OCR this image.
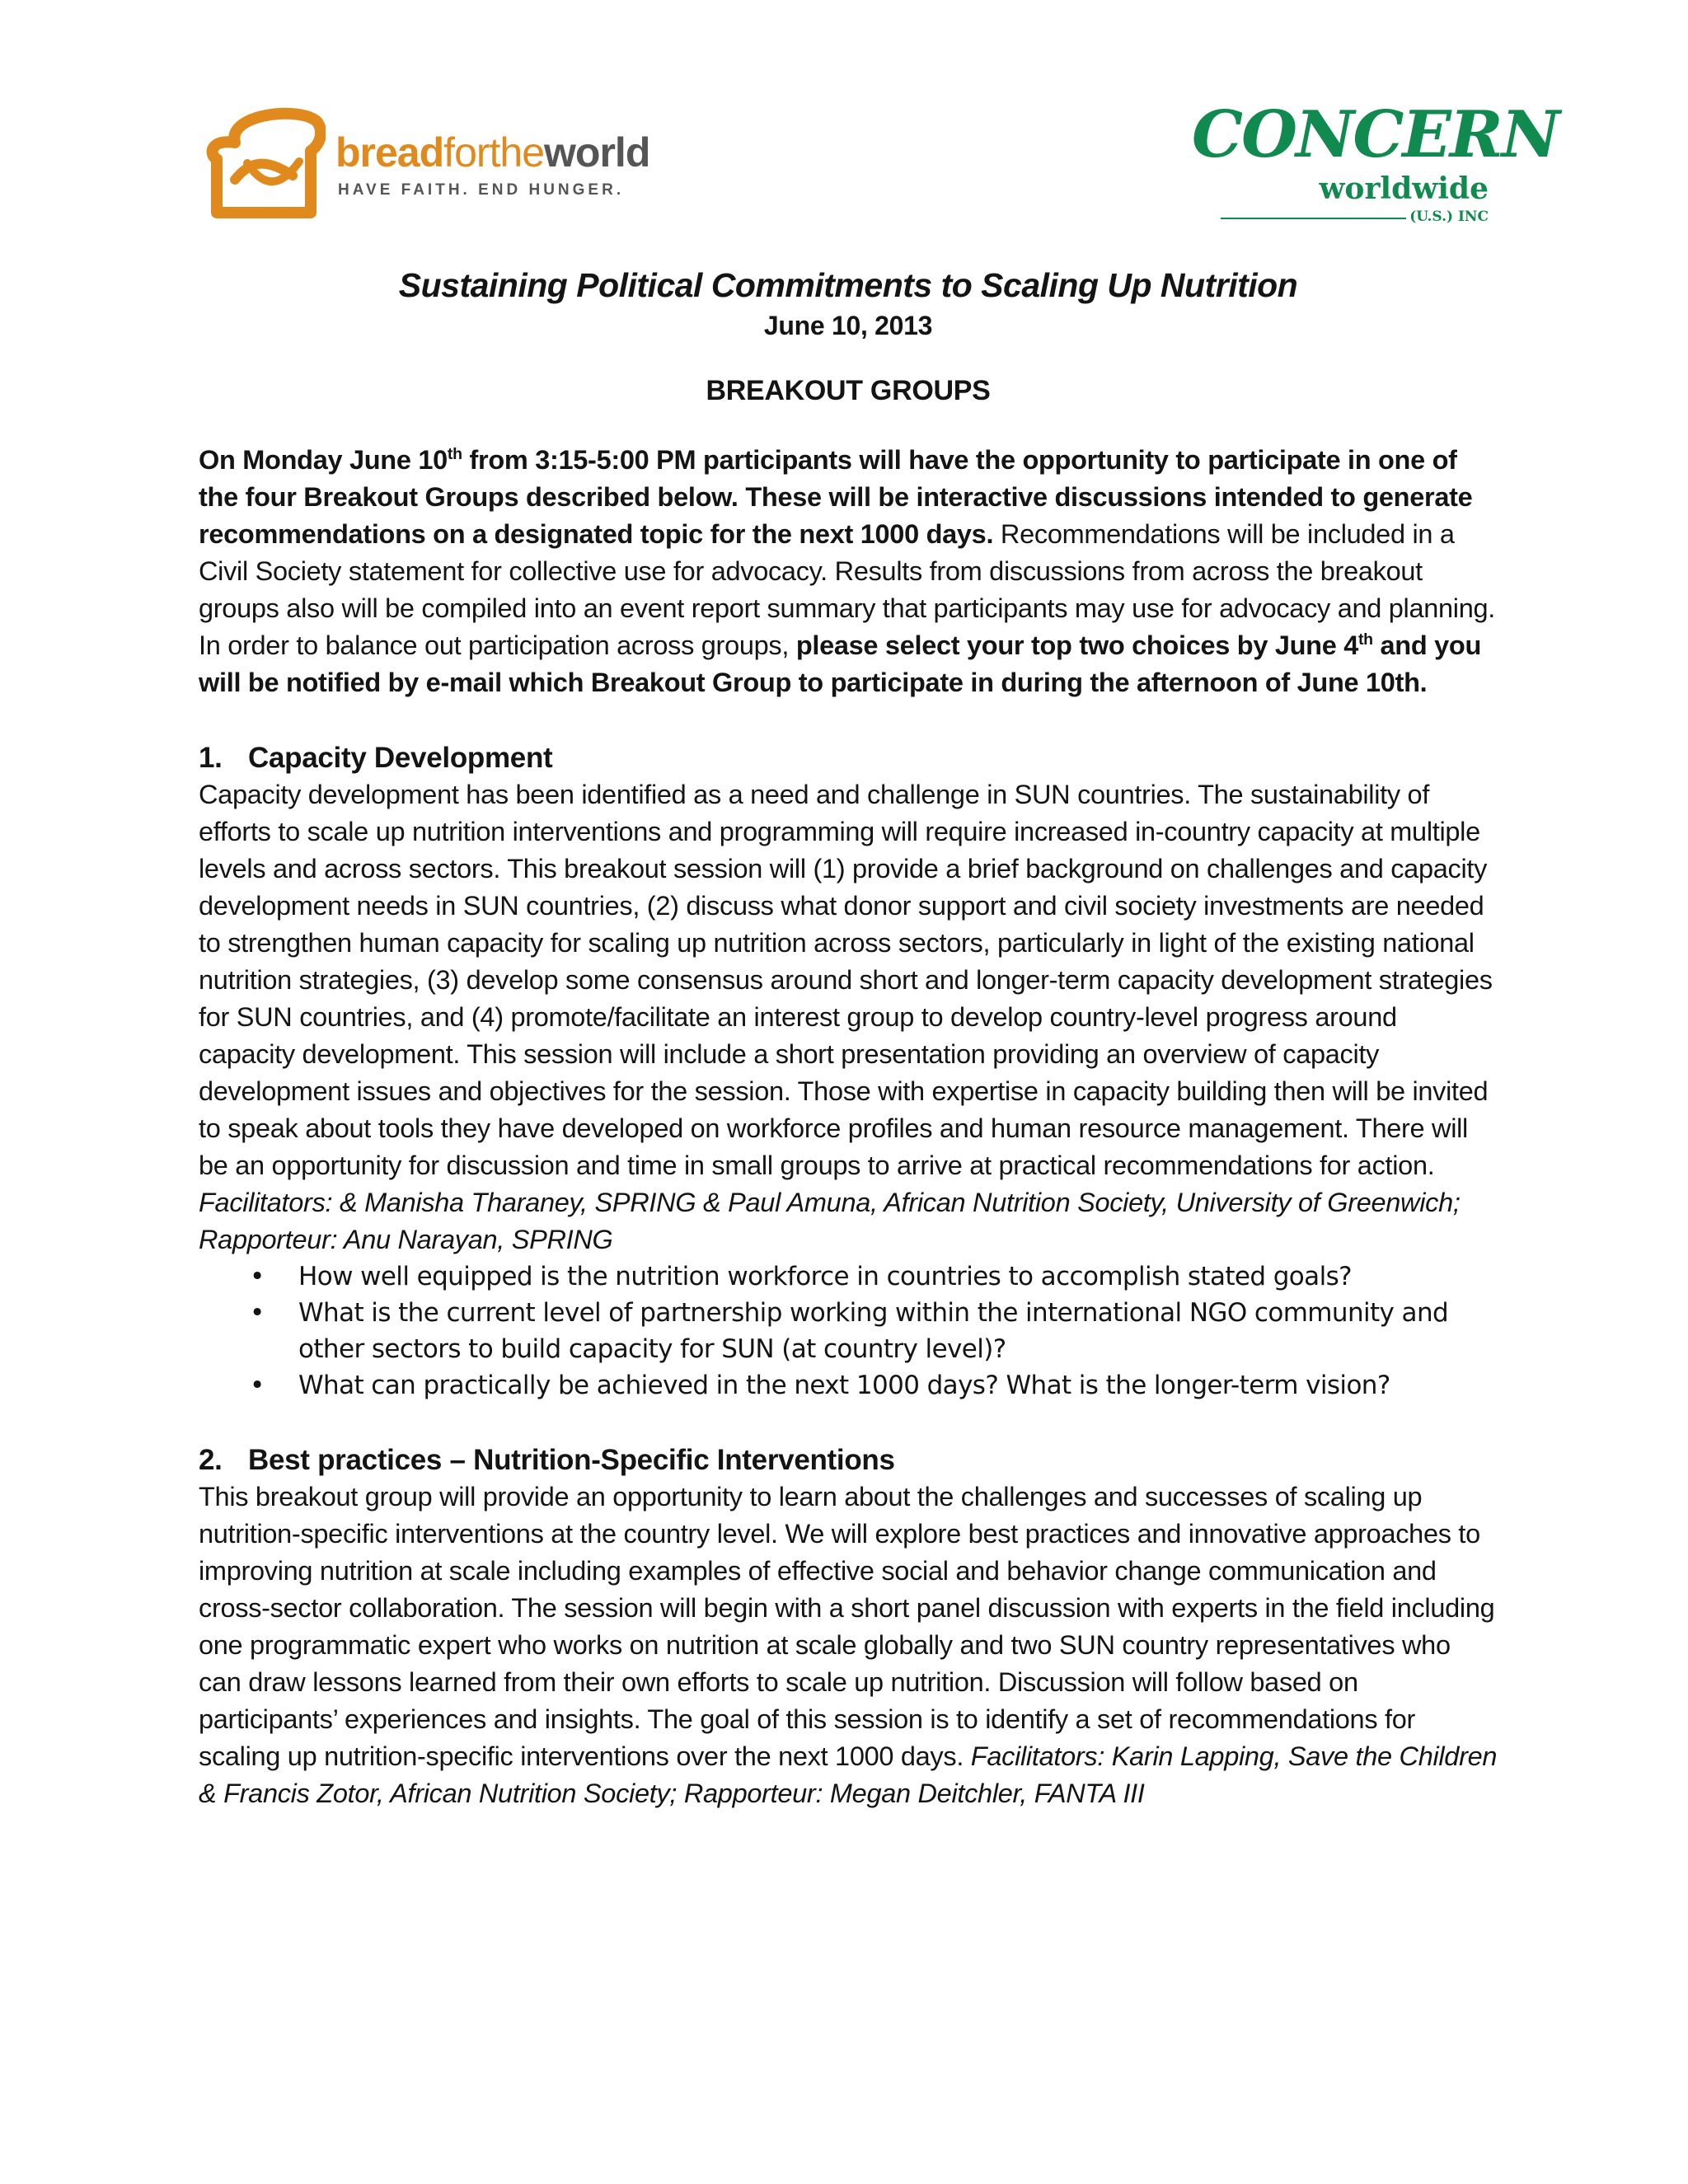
breadfortheworld
HAVE FAITH. END HUNGER.
CONCERN
worldwide
(U.S.) INC
Sustaining Political Commitments to Scaling Up Nutrition

June 10, 2013

BREAKOUT GROUPS

On Monday June 10th from 3:15-5:00 PM participants will have the opportunity to participate in one of the four Breakout Groups described below. These will be interactive discussions intended to generate recommendations on a designated topic for the next 1000 days. Recommendations will be included in a Civil Society statement for collective use for advocacy. Results from discussions from across the breakout groups also will be compiled into an event report summary that participants may use for advocacy and planning. In order to balance out participation across groups, please select your top two choices by June 4th and you will be notified by e-mail which Breakout Group to participate in during the afternoon of June 10th.

1. Capacity Development

Capacity development has been identified as a need and challenge in SUN countries. The sustainability of efforts to scale up nutrition interventions and programming will require increased in-country capacity at multiple levels and across sectors. This breakout session will (1) provide a brief background on challenges and capacity development needs in SUN countries, (2) discuss what donor support and civil society investments are needed to strengthen human capacity for scaling up nutrition across sectors, particularly in light of the existing national nutrition strategies, (3) develop some consensus around short and longer-term capacity development strategies for SUN countries, and (4) promote/facilitate an interest group to develop country-level progress around capacity development. This session will include a short presentation providing an overview of capacity development issues and objectives for the session. Those with expertise in capacity building then will be invited to speak about tools they have developed on workforce profiles and human resource management. There will be an opportunity for discussion and time in small groups to arrive at practical recommendations for action. Facilitators: & Manisha Tharaney, SPRING & Paul Amuna, African Nutrition Society, University of Greenwich; Rapporteur: Anu Narayan, SPRING

• How well equipped is the nutrition workforce in countries to accomplish stated goals?
• What is the current level of partnership working within the international NGO community and other sectors to build capacity for SUN (at country level)?
• What can practically be achieved in the next 1000 days? What is the longer-term vision?
2. Best practices – Nutrition-Specific Interventions

This breakout group will provide an opportunity to learn about the challenges and successes of scaling up nutrition-specific interventions at the country level. We will explore best practices and innovative approaches to improving nutrition at scale including examples of effective social and behavior change communication and cross-sector collaboration. The session will begin with a short panel discussion with experts in the field including one programmatic expert who works on nutrition at scale globally and two SUN country representatives who can draw lessons learned from their own efforts to scale up nutrition. Discussion will follow based on participants’ experiences and insights. The goal of this session is to identify a set of recommendations for scaling up nutrition-specific interventions over the next 1000 days. Facilitators: Karin Lapping, Save the Children & Francis Zotor, African Nutrition Society; Rapporteur: Megan Deitchler, FANTA III
